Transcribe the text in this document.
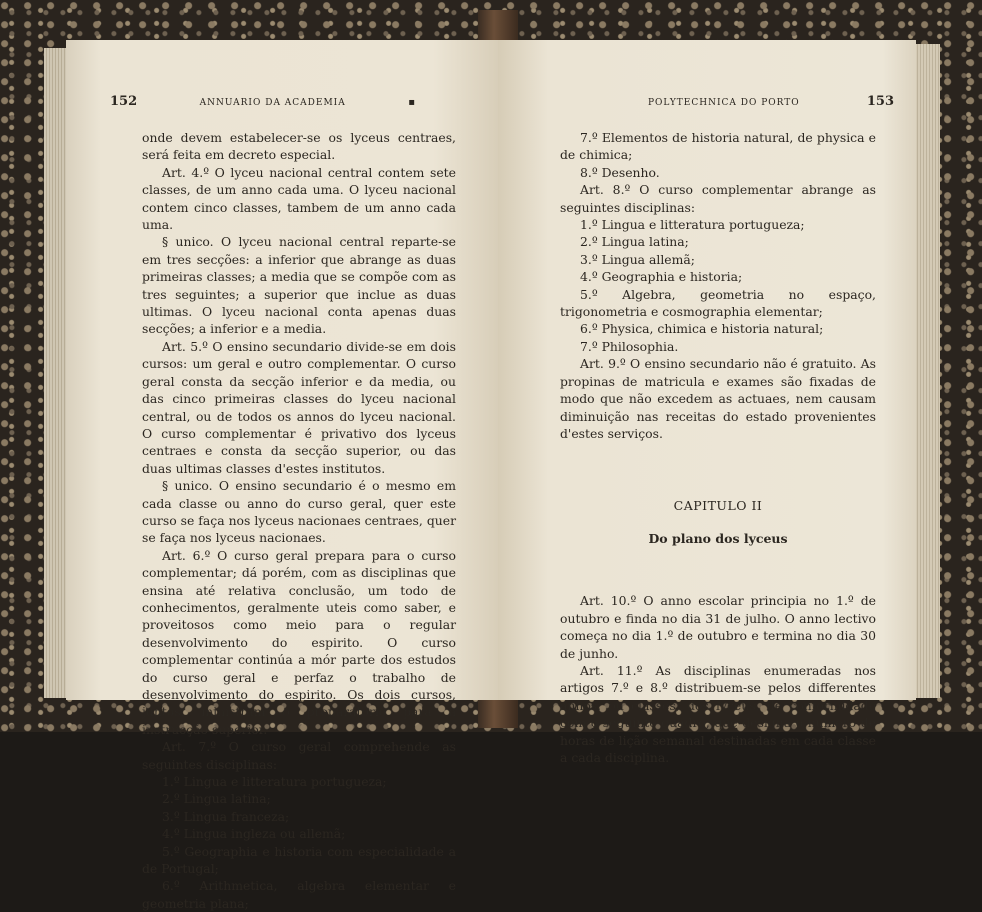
152	ANNUARIO DA ACADEMIA	▪

onde devem estabelecer-se os lyceus centraes, será feita em decreto especial.

Art. 4.º O lyceu nacional central contem sete classes, de um anno cada uma. O lyceu nacional contem cinco classes, tambem de um anno cada uma.

§ unico. O lyceu nacional central reparte-se em tres secções: a inferior que abrange as duas primeiras classes; a media que se compõe com as tres seguintes; a superior que inclue as duas ultimas. O lyceu nacional conta apenas duas secções; a inferior e a media.

Art. 5.º O ensino secundario divide-se em dois cursos: um geral e outro complementar. O curso geral consta da secção inferior e da media, ou das cinco primeiras classes do lyceu nacional central, ou de todos os annos do lyceu nacional. O curso complementar é privativo dos lyceus centraes e consta da secção superior, ou das duas ultimas classes d'estes institutos.

§ unico. O ensino secundario é o mesmo em cada classe ou anno do curso geral, quer este curso se faça nos lyceus nacionaes centraes, quer se faça nos lyceus nacionaes.

Art. 6.º O curso geral prepara para o curso complementar; dá porém, com as disciplinas que ensina até relativa conclusão, um todo de conhecimentos, geralmente uteis como saber, e proveitosos como meio para o regular desenvolvimento do espirito. O curso complementar continúa a mór parte dos estudos do curso geral e perfaz o trabalho de desenvolvimento do espirito. Os dois cursos, juntos, ministram o preparatorio para a instrucção superior.

Art. 7.º O curso geral comprehende as seguintes disciplinas:

1.º Lingua e litteratura portugueza;

2.º Lingua latina;

3.º Lingua franceza;

4.º Lingua ingleza ou allemã;

5.º Geographia e historia com especialidade a de Portugal;

6.º Arithmetica, algebra elementar e geometria plana;

POLYTECHNICA DO PORTO	153

7.º Elementos de historia natural, de physica e de chimica;

8.º Desenho.

Art. 8.º O curso complementar abrange as seguintes disciplinas:

1.º Lingua e litteratura portugueza;

2.º Lingua latina;

3.º Lingua allemã;

4.º Geographia e historia;

5.º Algebra, geometria no espaço, trigonometria e cosmographia elementar;

6.º Physica, chimica e historia natural;

7.º Philosophia.

Art. 9.º O ensino secundario não é gratuito. As propinas de matricula e exames são fixadas de modo que não excedem as actuaes, nem causam diminuição nas receitas do estado provenientes d'estes serviços.

CAPITULO II
Do plano dos lyceus

Art. 10.º O anno escolar principia no 1.º de outubro e finda no dia 31 de julho. O anno lectivo começa no dia 1.º de outubro e termina no dia 30 de junho.

Art. 11.º As disciplinas enumeradas nos artigos 7.º e 8.º distribuem-se pelos differentes annos, ou classes, dos lyceus, de conformidade com o seguinte quadro, que designa o numero de horas de lição semanal destinadas em cada classe a cada disciplina.
